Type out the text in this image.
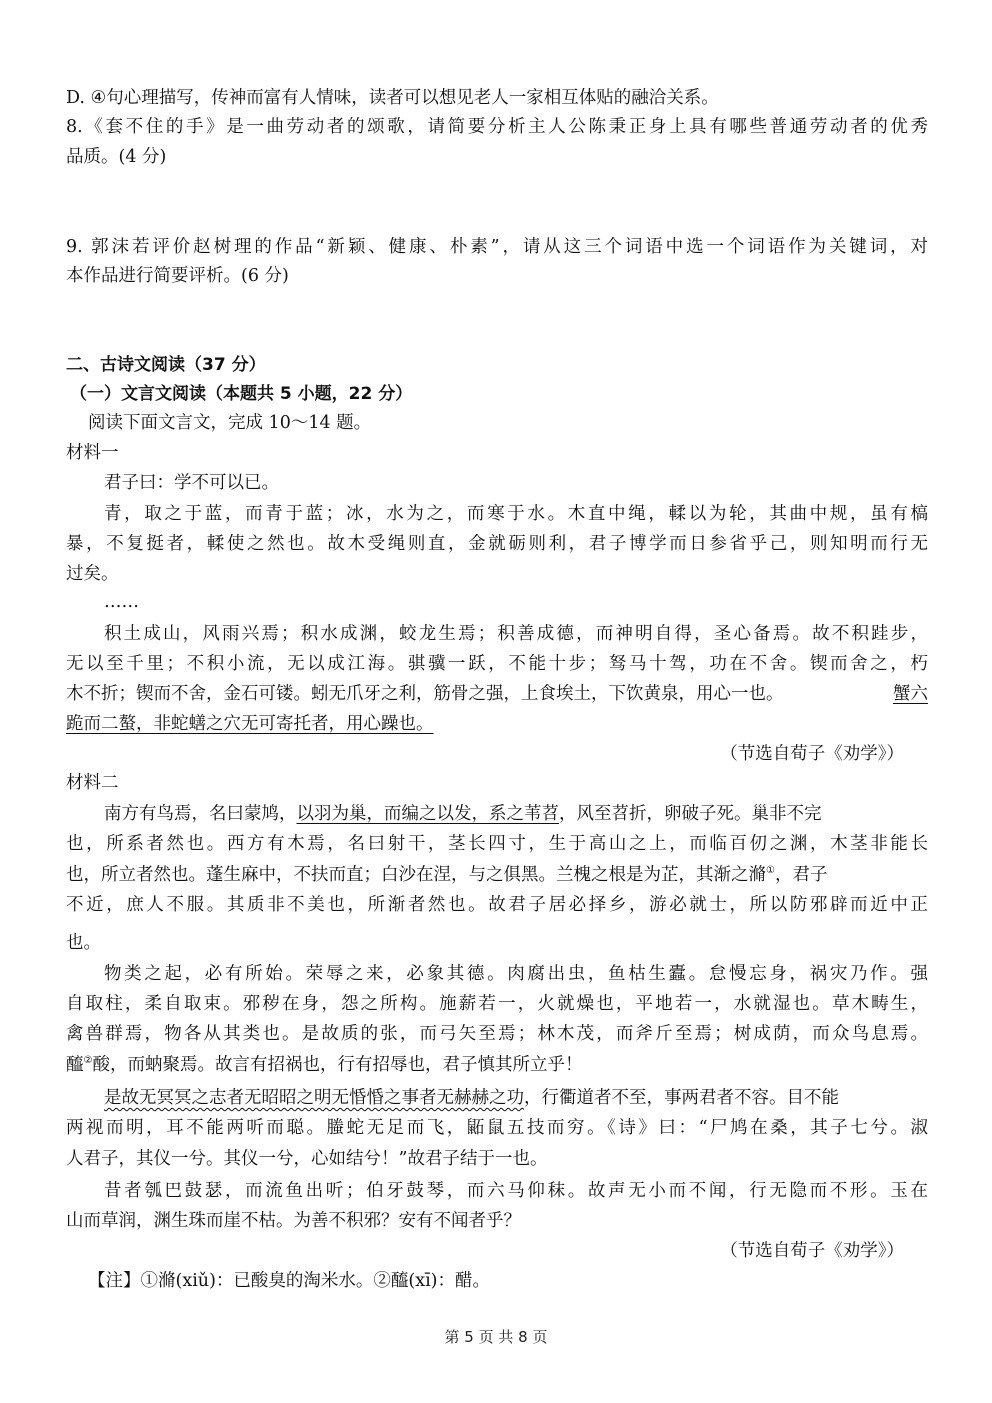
D. ④句心理描写，传神而富有人情味，读者可以想见老人一家相互体贴的融洽关系。
8.《套不住的手》是一曲劳动者的颂歌，请简要分析主人公陈秉正身上具有哪些普通劳动者的优秀
品质。(4 分)
9. 郭沫若评价赵树理的作品“新颖、健康、朴素”，请从这三个词语中选一个词语作为关键词，对
本作品进行简要评析。(6 分)
二、古诗文阅读（37 分）
（一）文言文阅读（本题共 5 小题，22 分）
阅读下面文言文，完成 10～14 题。
材料一
君子曰：学不可以已。
青，取之于蓝，而青于蓝；冰，水为之，而寒于水。木直中绳，輮以为轮，其曲中规，虽有槁
暴，不复挺者，輮使之然也。故木受绳则直，金就砺则利，君子博学而日参省乎己，则知明而行无
过矣。
……
积土成山，风雨兴焉；积水成渊，蛟龙生焉；积善成德，而神明自得，圣心备焉。故不积跬步，
无以至千里；不积小流，无以成江海。骐骥一跃，不能十步；驽马十驾，功在不舍。锲而舍之，朽
木不折；锲而不舍，金石可镂。蚓无爪牙之利，筋骨之强，上食埃土，下饮黄泉，用心一也。	蟹六
跪而二螯，非蛇蟮之穴无可寄托者，用心躁也。
（节选自荀子《劝学》）
材料二
南方有鸟焉，名曰蒙鸠，以羽为巢，而编之以发，系之苇苕，风至苕折，卵破子死。巢非不完
也，所系者然也。西方有木焉，名曰射干，茎长四寸，生于高山之上，而临百仞之渊，木茎非能长
也，所立者然也。蓬生麻中，不扶而直；白沙在涅，与之俱黑。兰槐之根是为芷，其渐之滫①，君子
不近，庶人不服。其质非不美也，所渐者然也。故君子居必择乡，游必就士，所以防邪辟而近中正
也。
物类之起，必有所始。荣辱之来，必象其德。肉腐出虫，鱼枯生蠹。怠慢忘身，祸灾乃作。强
自取柱，柔自取束。邪秽在身，怨之所构。施薪若一，火就燥也，平地若一，水就湿也。草木畴生，
禽兽群焉，物各从其类也。是故质的张，而弓矢至焉；林木茂，而斧斤至焉；树成荫，而众鸟息焉。
醯②酸，而蚋聚焉。故言有招祸也，行有招辱也，君子慎其所立乎！
是故无冥冥之志者无昭昭之明无惛惛之事者无赫赫之功，行衢道者不至，事两君者不容。目不能
两视而明，耳不能两听而聪。螣蛇无足而飞，鼫鼠五技而穷。《诗》曰：“尸鸠在桑，其子七兮。淑
人君子，其仪一兮。其仪一兮，心如结兮！”故君子结于一也。
昔者瓠巴鼓瑟，而流鱼出听；伯牙鼓琴，而六马仰秣。故声无小而不闻，行无隐而不形。玉在
山而草润，渊生珠而崖不枯。为善不积邪？安有不闻者乎？
（节选自荀子《劝学》）
【注】①滫(xiǔ)：已酸臭的淘米水。②醯(xī)：醋。
第 5 页 共 8 页
